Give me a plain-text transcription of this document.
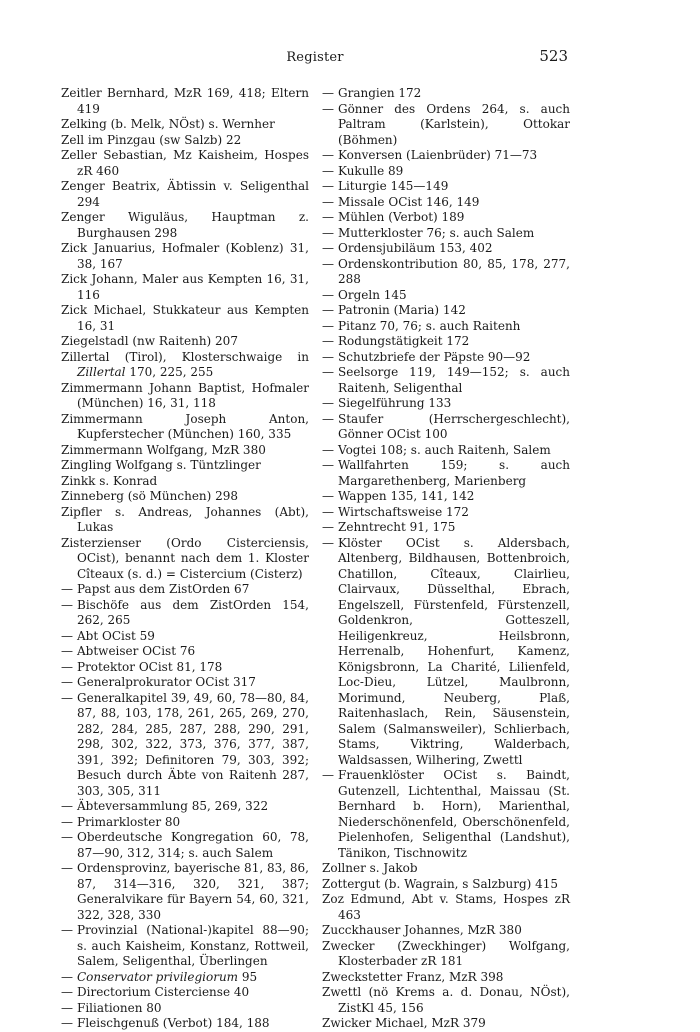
Register	523

Zeitler Bernhard, MzR 169, 418; Eltern 419

Zelking (b. Melk, NÖst) s. Wernher

Zell im Pinzgau (sw Salzb) 22

Zeller Sebastian, Mz Kaisheim, Hospes zR 460

Zenger Beatrix, Äbtissin v. Seligenthal 294

Zenger Wiguläus, Hauptman z. Burghausen 298

Zick Januarius, Hofmaler (Koblenz) 31, 38, 167

Zick Johann, Maler aus Kempten 16, 31, 116

Zick Michael, Stukkateur aus Kempten 16, 31

Ziegelstadl (nw Raitenh) 207

Zillertal (Tirol), Klosterschwaige in Zillertal 170, 225, 255

Zimmermann Johann Baptist, Hofmaler (München) 16, 31, 118

Zimmermann Joseph Anton, Kupferstecher (München) 160, 335

Zimmermann Wolfgang, MzR 380

Zingling Wolfgang s. Tüntzlinger

Zinkk s. Konrad

Zinneberg (sö München) 298

Zipfler s. Andreas, Johannes (Abt), Lukas

Zisterzienser (Ordo Cisterciensis, OCist), benannt nach dem 1. Kloster Cîteaux (s. d.) = Cistercium (Cisterz)

— Papst aus dem ZistOrden 67

— Bischöfe aus dem ZistOrden 154, 262, 265

— Abt OCist 59

— Abtweiser OCist 76

— Protektor OCist 81, 178

— Generalprokurator OCist 317

— Generalkapitel 39, 49, 60, 78—80, 84, 87, 88, 103, 178, 261, 265, 269, 270, 282, 284, 285, 287, 288, 290, 291, 298, 302, 322, 373, 376, 377, 387, 391, 392; Definitoren 79, 303, 392; Besuch durch Äbte von Raitenh 287, 303, 305, 311

— Äbteversammlung 85, 269, 322

— Primarkloster 80

— Oberdeutsche Kongregation 60, 78, 87—90, 312, 314; s. auch Salem

— Ordensprovinz, bayerische 81, 83, 86, 87, 314—316, 320, 321, 387; Generalvikare für Bayern 54, 60, 321, 322, 328, 330

— Provinzial (National-)kapitel 88—90; s. auch Kaisheim, Konstanz, Rottweil, Salem, Seligenthal, Überlingen

— Conservator privilegiorum 95

— Directorium Cisterciense 40

— Filiationen 80

— Fleischgenuß (Verbot) 184, 188

— Grangien 172

— Gönner des Ordens 264, s. auch Paltram (Karlstein), Ottokar (Böhmen)

— Konversen (Laienbrüder) 71—73

— Kukulle 89

— Liturgie 145—149

— Missale OCist 146, 149

— Mühlen (Verbot) 189

— Mutterkloster 76; s. auch Salem

— Ordensjubiläum 153, 402

— Ordenskontribution 80, 85, 178, 277, 288

— Orgeln 145

— Patronin (Maria) 142

— Pitanz 70, 76; s. auch Raitenh

— Rodungstätigkeit 172

— Schutzbriefe der Päpste 90—92

— Seelsorge 119, 149—152; s. auch Raitenh, Seligenthal

— Siegelführung 133

— Staufer (Herrschergeschlecht), Gönner OCist 100

— Vogtei 108; s. auch Raitenh, Salem

— Wallfahrten 159; s. auch Margarethenberg, Marienberg

— Wappen 135, 141, 142

— Wirtschaftsweise 172

— Zehntrecht 91, 175

— Klöster OCist s. Aldersbach, Altenberg, Bildhausen, Bottenbroich, Chatillon, Cîteaux, Clairlieu, Clairvaux, Düsselthal, Ebrach, Engelszell, Fürstenfeld, Fürstenzell, Goldenkron, Gotteszell, Heiligenkreuz, Heilsbronn, Herrenalb, Hohenfurt, Kamenz, Königsbronn, La Charité, Lilienfeld, Loc-Dieu, Lützel, Maulbronn, Morimund, Neuberg, Plaß, Raitenhaslach, Rein, Säusenstein, Salem (Salmansweiler), Schlierbach, Stams, Viktring, Walderbach, Waldsassen, Wilhering, Zwettl

— Frauenklöster OCist s. Baindt, Gutenzell, Lichtenthal, Maissau (St. Bernhard b. Horn), Marienthal, Niederschönenfeld, Oberschönenfeld, Pielenhofen, Seligenthal (Landshut), Tänikon, Tischnowitz

Zollner s. Jakob

Zottergut (b. Wagrain, s Salzburg) 415

Zoz Edmund, Abt v. Stams, Hospes zR 463

Zucckhauser Johannes, MzR 380

Zwecker (Zweckhinger) Wolfgang, Klosterbader zR 181

Zweckstetter Franz, MzR 398

Zwettl (nö Krems a. d. Donau, NÖst), ZistKl 45, 156

Zwicker Michael, MzR 379
